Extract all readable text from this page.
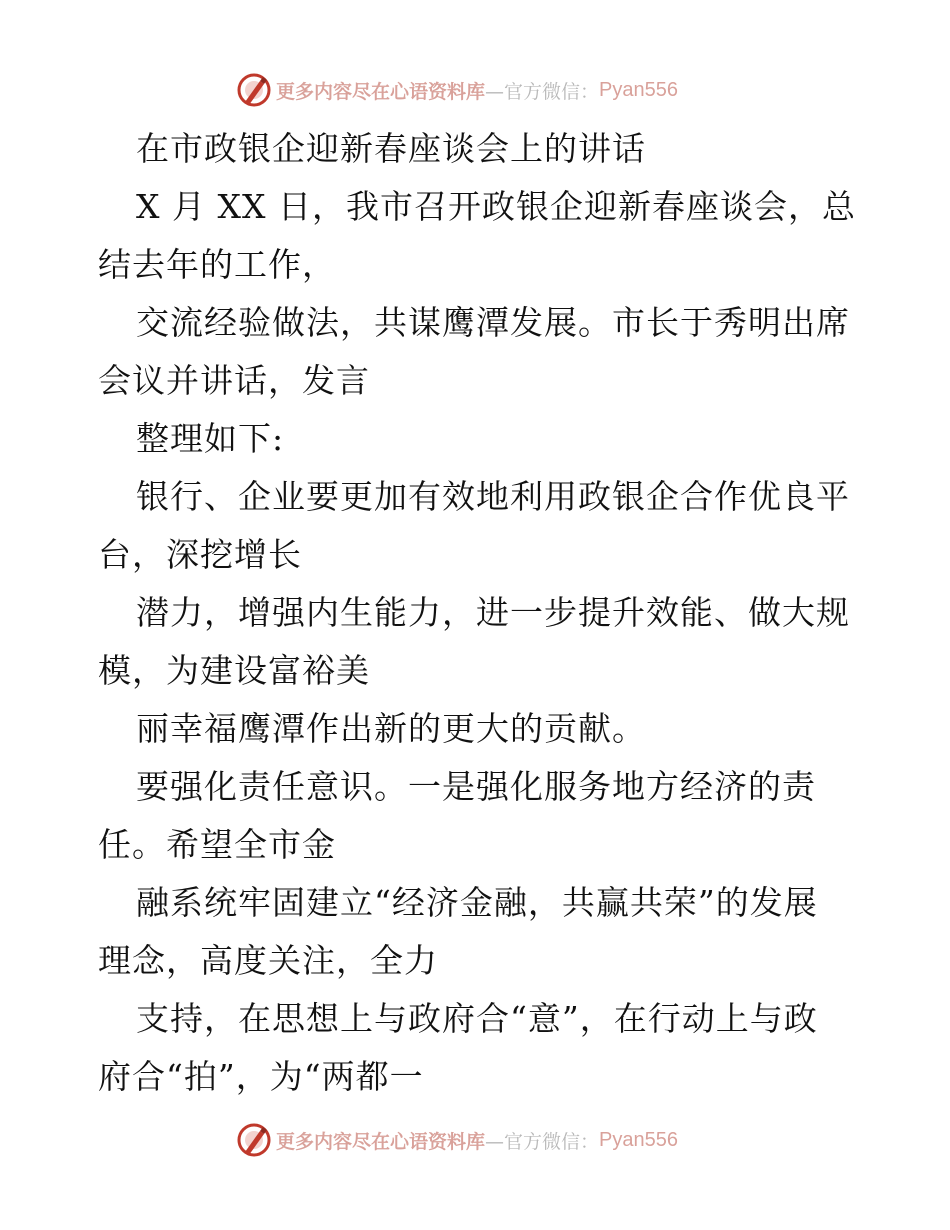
更多内容尽在心语资料库 —官方微信： Pyan556
在市政银企迎新春座谈会上的讲话
X 月 XX 日，我市召开政银企迎新春座谈会，总
结去年的工作，
交流经验做法，共谋鹰潭发展。市长于秀明出席
会议并讲话，发言
整理如下:
银行、企业要更加有效地利用政银企合作优良平
台，深挖增长
潜力，增强内生能力，进一步提升效能、做大规
模，为建设富裕美
丽幸福鹰潭作出新的更大的贡献。
要强化责任意识。一是强化服务地方经济的责
任。希望全市金
融系统牢固建立“经济金融，共赢共荣”的发展
理念，高度关注，全力
支持，在思想上与政府合“意”，在行动上与政
府合“拍”，为“两都一
更多内容尽在心语资料库 —官方微信： Pyan556
